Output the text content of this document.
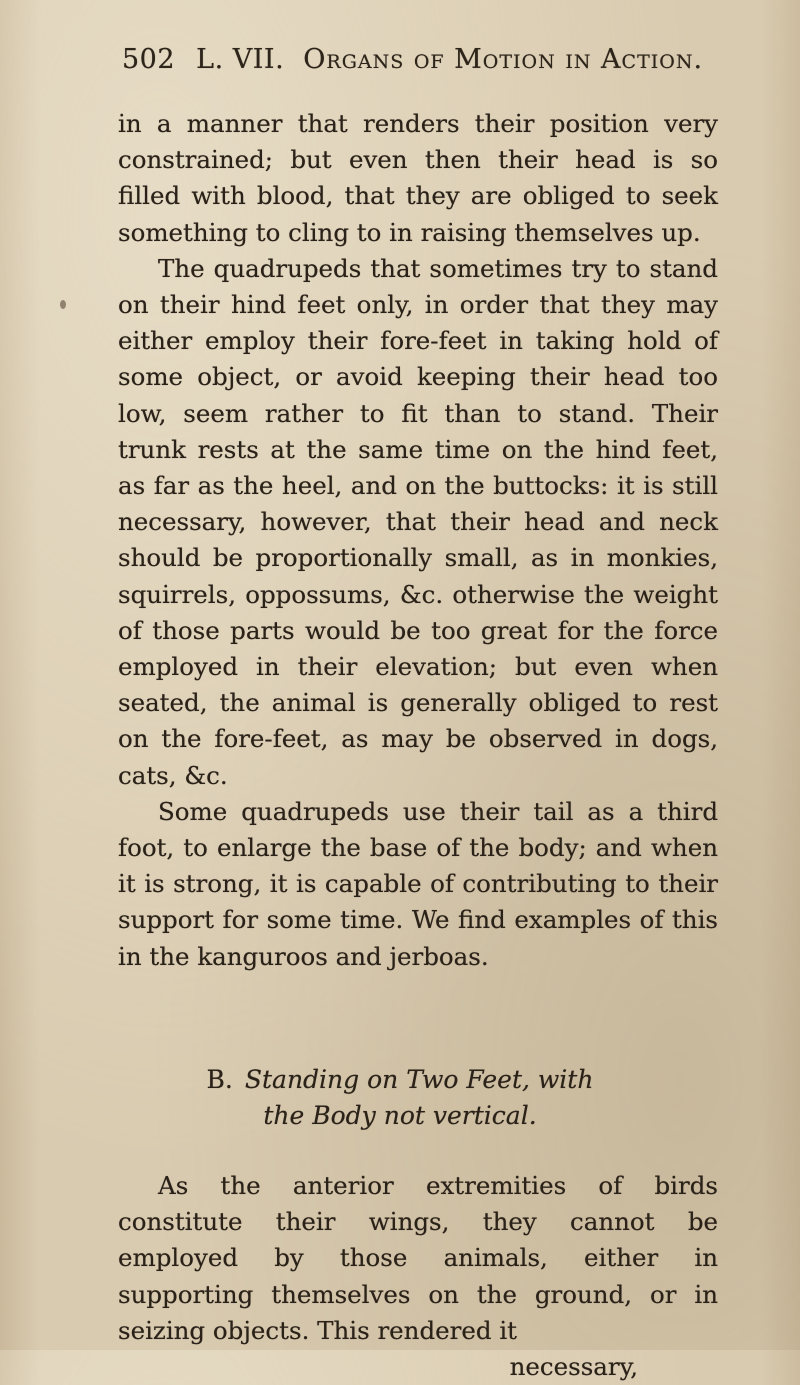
502 L. VII. Organs of Motion in Action.

in a manner that renders their position very constrained; but even then their head is so filled with blood, that they are obliged to seek something to cling to in raising themselves up.

The quadrupeds that sometimes try to stand on their hind feet only, in order that they may either employ their fore-feet in taking hold of some object, or avoid keeping their head too low, seem rather to fit than to stand. Their trunk rests at the same time on the hind feet, as far as the heel, and on the buttocks: it is still necessary, however, that their head and neck should be proportionally small, as in monkies, squirrels, oppossums, &c. otherwise the weight of those parts would be too great for the force employed in their elevation; but even when seated, the animal is generally obliged to rest on the fore-feet, as may be observed in dogs, cats, &c.

Some quadrupeds use their tail as a third foot, to enlarge the base of the body; and when it is strong, it is capable of contributing to their support for some time. We find examples of this in the kanguroos and jerboas.

B. Standing on Two Feet, with the Body not vertical.

As the anterior extremities of birds constitute their wings, they cannot be employed by those animals, either in supporting themselves on the ground, or in seizing objects. This rendered it

necessary,
